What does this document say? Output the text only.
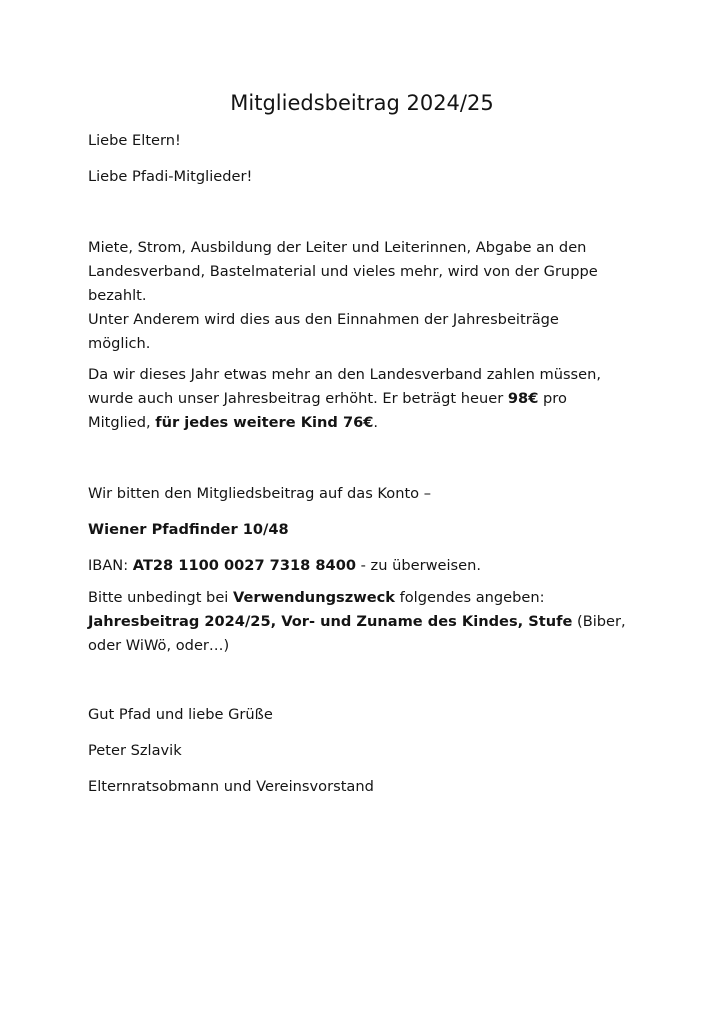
Mitgliedsbeitrag 2024/25

Liebe Eltern!

Liebe Pfadi-Mitglieder!

Miete, Strom, Ausbildung der Leiter und Leiterinnen, Abgabe an den
Landesverband, Bastelmaterial und vieles mehr, wird von der Gruppe
bezahlt.
Unter Anderem wird dies aus den Einnahmen der Jahresbeiträge
möglich.

Da wir dieses Jahr etwas mehr an den Landesverband zahlen müssen,
wurde auch unser Jahresbeitrag erhöht. Er beträgt heuer 98€ pro
Mitglied, für jedes weitere Kind 76€.

Wir bitten den Mitgliedsbeitrag auf das Konto –

Wiener Pfadfinder 10/48

IBAN: AT28 1100 0027 7318 8400 - zu überweisen.

Bitte unbedingt bei Verwendungszweck folgendes angeben:
Jahresbeitrag 2024/25, Vor- und Zuname des Kindes, Stufe (Biber,
oder WiWö, oder…)

Gut Pfad und liebe Grüße

Peter Szlavik

Elternratsobmann und Vereinsvorstand
